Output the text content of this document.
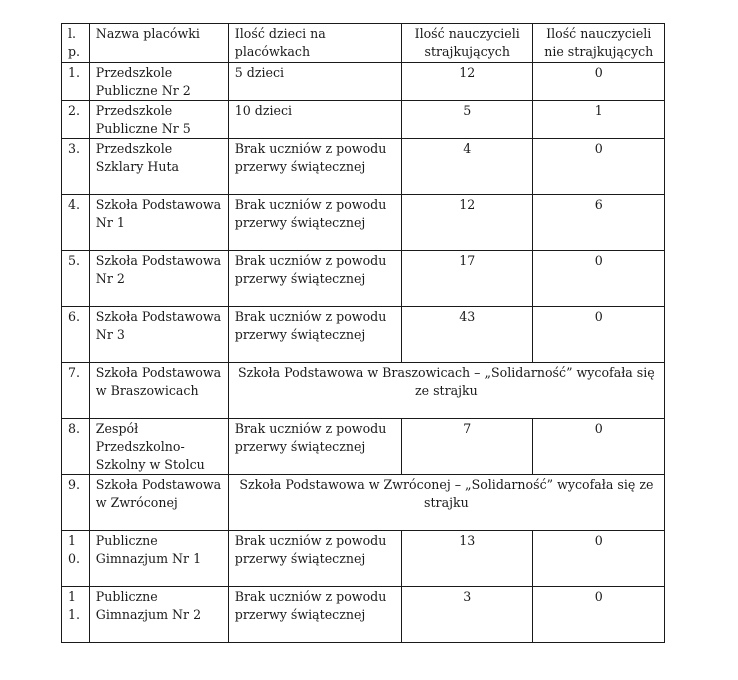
l.p.	Nazwa placówki	Ilość dzieci na placówkach	Ilość nauczycieli strajkujących	Ilość nauczycieli nie strajkujących
1.	Przedszkole Publiczne Nr 2	5 dzieci	12	0
2.	Przedszkole Publiczne Nr 5	10 dzieci	5	1
3.	Przedszkole Szklary Huta	Brak uczniów z powodu przerwy świątecznej	4	0
4.	Szkoła Podstawowa Nr 1	Brak uczniów z powodu przerwy świątecznej	12	6
5.	Szkoła Podstawowa Nr 2	Brak uczniów z powodu przerwy świątecznej	17	0
6.	Szkoła Podstawowa Nr 3	Brak uczniów z powodu przerwy świątecznej	43	0
7.	Szkoła Podstawowa w Braszowicach	Szkoła Podstawowa w Braszowicach – „Solidarność” wycofała się ze strajku		
8.	Zespół Przedszkolno-Szkolny w Stolcu	Brak uczniów z powodu przerwy świątecznej	7	0
9.	Szkoła Podstawowa w Zwróconej	Szkoła Podstawowa w Zwróconej – „Solidarność” wycofała się ze strajku		
10.	Publiczne Gimnazjum Nr 1	Brak uczniów z powodu przerwy świątecznej	13	0
11.	Publiczne Gimnazjum Nr 2	Brak uczniów z powodu przerwy świątecznej	3	0
